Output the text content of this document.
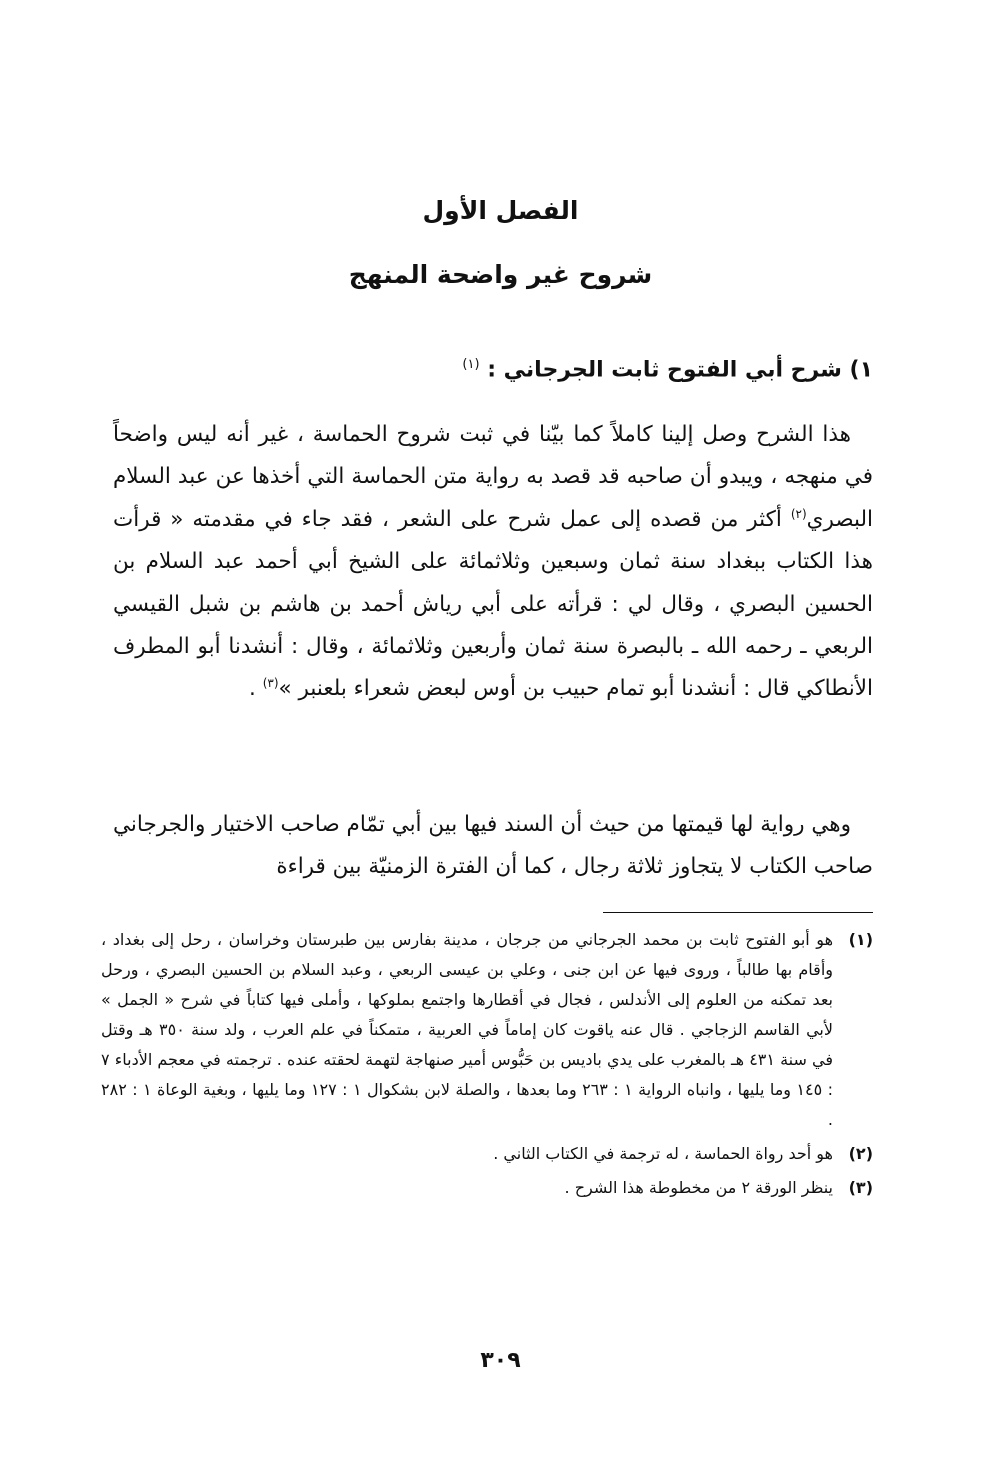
الفصل الأول
شروح غير واضحة المنهج
١) شرح أبي الفتوح ثابت الجرجاني : $^{(١)}$

هذا الشرح وصل إلينا كاملاً كما بيّنا في ثبت شروح الحماسة ، غير أنه ليس واضحاً في منهجه ، ويبدو أن صاحبه قد قصد به رواية متن الحماسة التي أخذها عن عبد السلام البصري$^{(٢)}$ أكثر من قصده إلى عمل شرح على الشعر ، فقد جاء في مقدمته « قرأت هذا الكتاب ببغداد سنة ثمان وسبعين وثلاثمائة على الشيخ أبي أحمد عبد السلام بن الحسين البصري ، وقال لي : قرأته على أبي رياش أحمد بن هاشم بن شبل القيسي الربعي ـ رحمه الله ـ بالبصرة سنة ثمان وأربعين وثلاثمائة ، وقال : أنشدنا أبو المطرف الأنطاكي قال : أنشدنا أبو تمام حبيب بن أوس لبعض شعراء بلعنبر »$^{(٣)}$ .

وهي رواية لها قيمتها من حيث أن السند فيها بين أبي تمّام صاحب الاختيار والجرجاني صاحب الكتاب لا يتجاوز ثلاثة رجال ، كما أن الفترة الزمنيّة بين قراءة

(١)
هو أبو الفتوح ثابت بن محمد الجرجاني من جرجان ، مدينة بفارس بين طبرستان وخراسان ، رحل إلى بغداد ، وأقام بها طالباً ، وروى فيها عن ابن جنى ، وعلي بن عيسى الربعي ، وعبد السلام بن الحسين البصري ، ورحل بعد تمكنه من العلوم إلى الأندلس ، فجال في أقطارها واجتمع بملوكها ، وأملى فيها كتاباً في شرح « الجمل » لأبي القاسم الزجاجي . قال عنه ياقوت كان إماماً في العربية ، متمكناً في علم العرب ، ولد سنة ٣٥٠ هـ وقتل في سنة ٤٣١ هـ بالمغرب على يدي باديس بن حَبُّوس أمير صنهاجة لتهمة لحقته عنده . ترجمته في معجم الأدباء ٧ : ١٤٥ وما يليها ، وانباه الرواية ١ : ٢٦٣ وما بعدها ، والصلة لابن بشكوال ١ : ١٢٧ وما يليها ، وبغية الوعاة ١ : ٢٨٢ .
(٢)
هو أحد رواة الحماسة ، له ترجمة في الكتاب الثاني .
(٣)
ينظر الورقة ٢ من مخطوطة هذا الشرح .
٣٠٩
